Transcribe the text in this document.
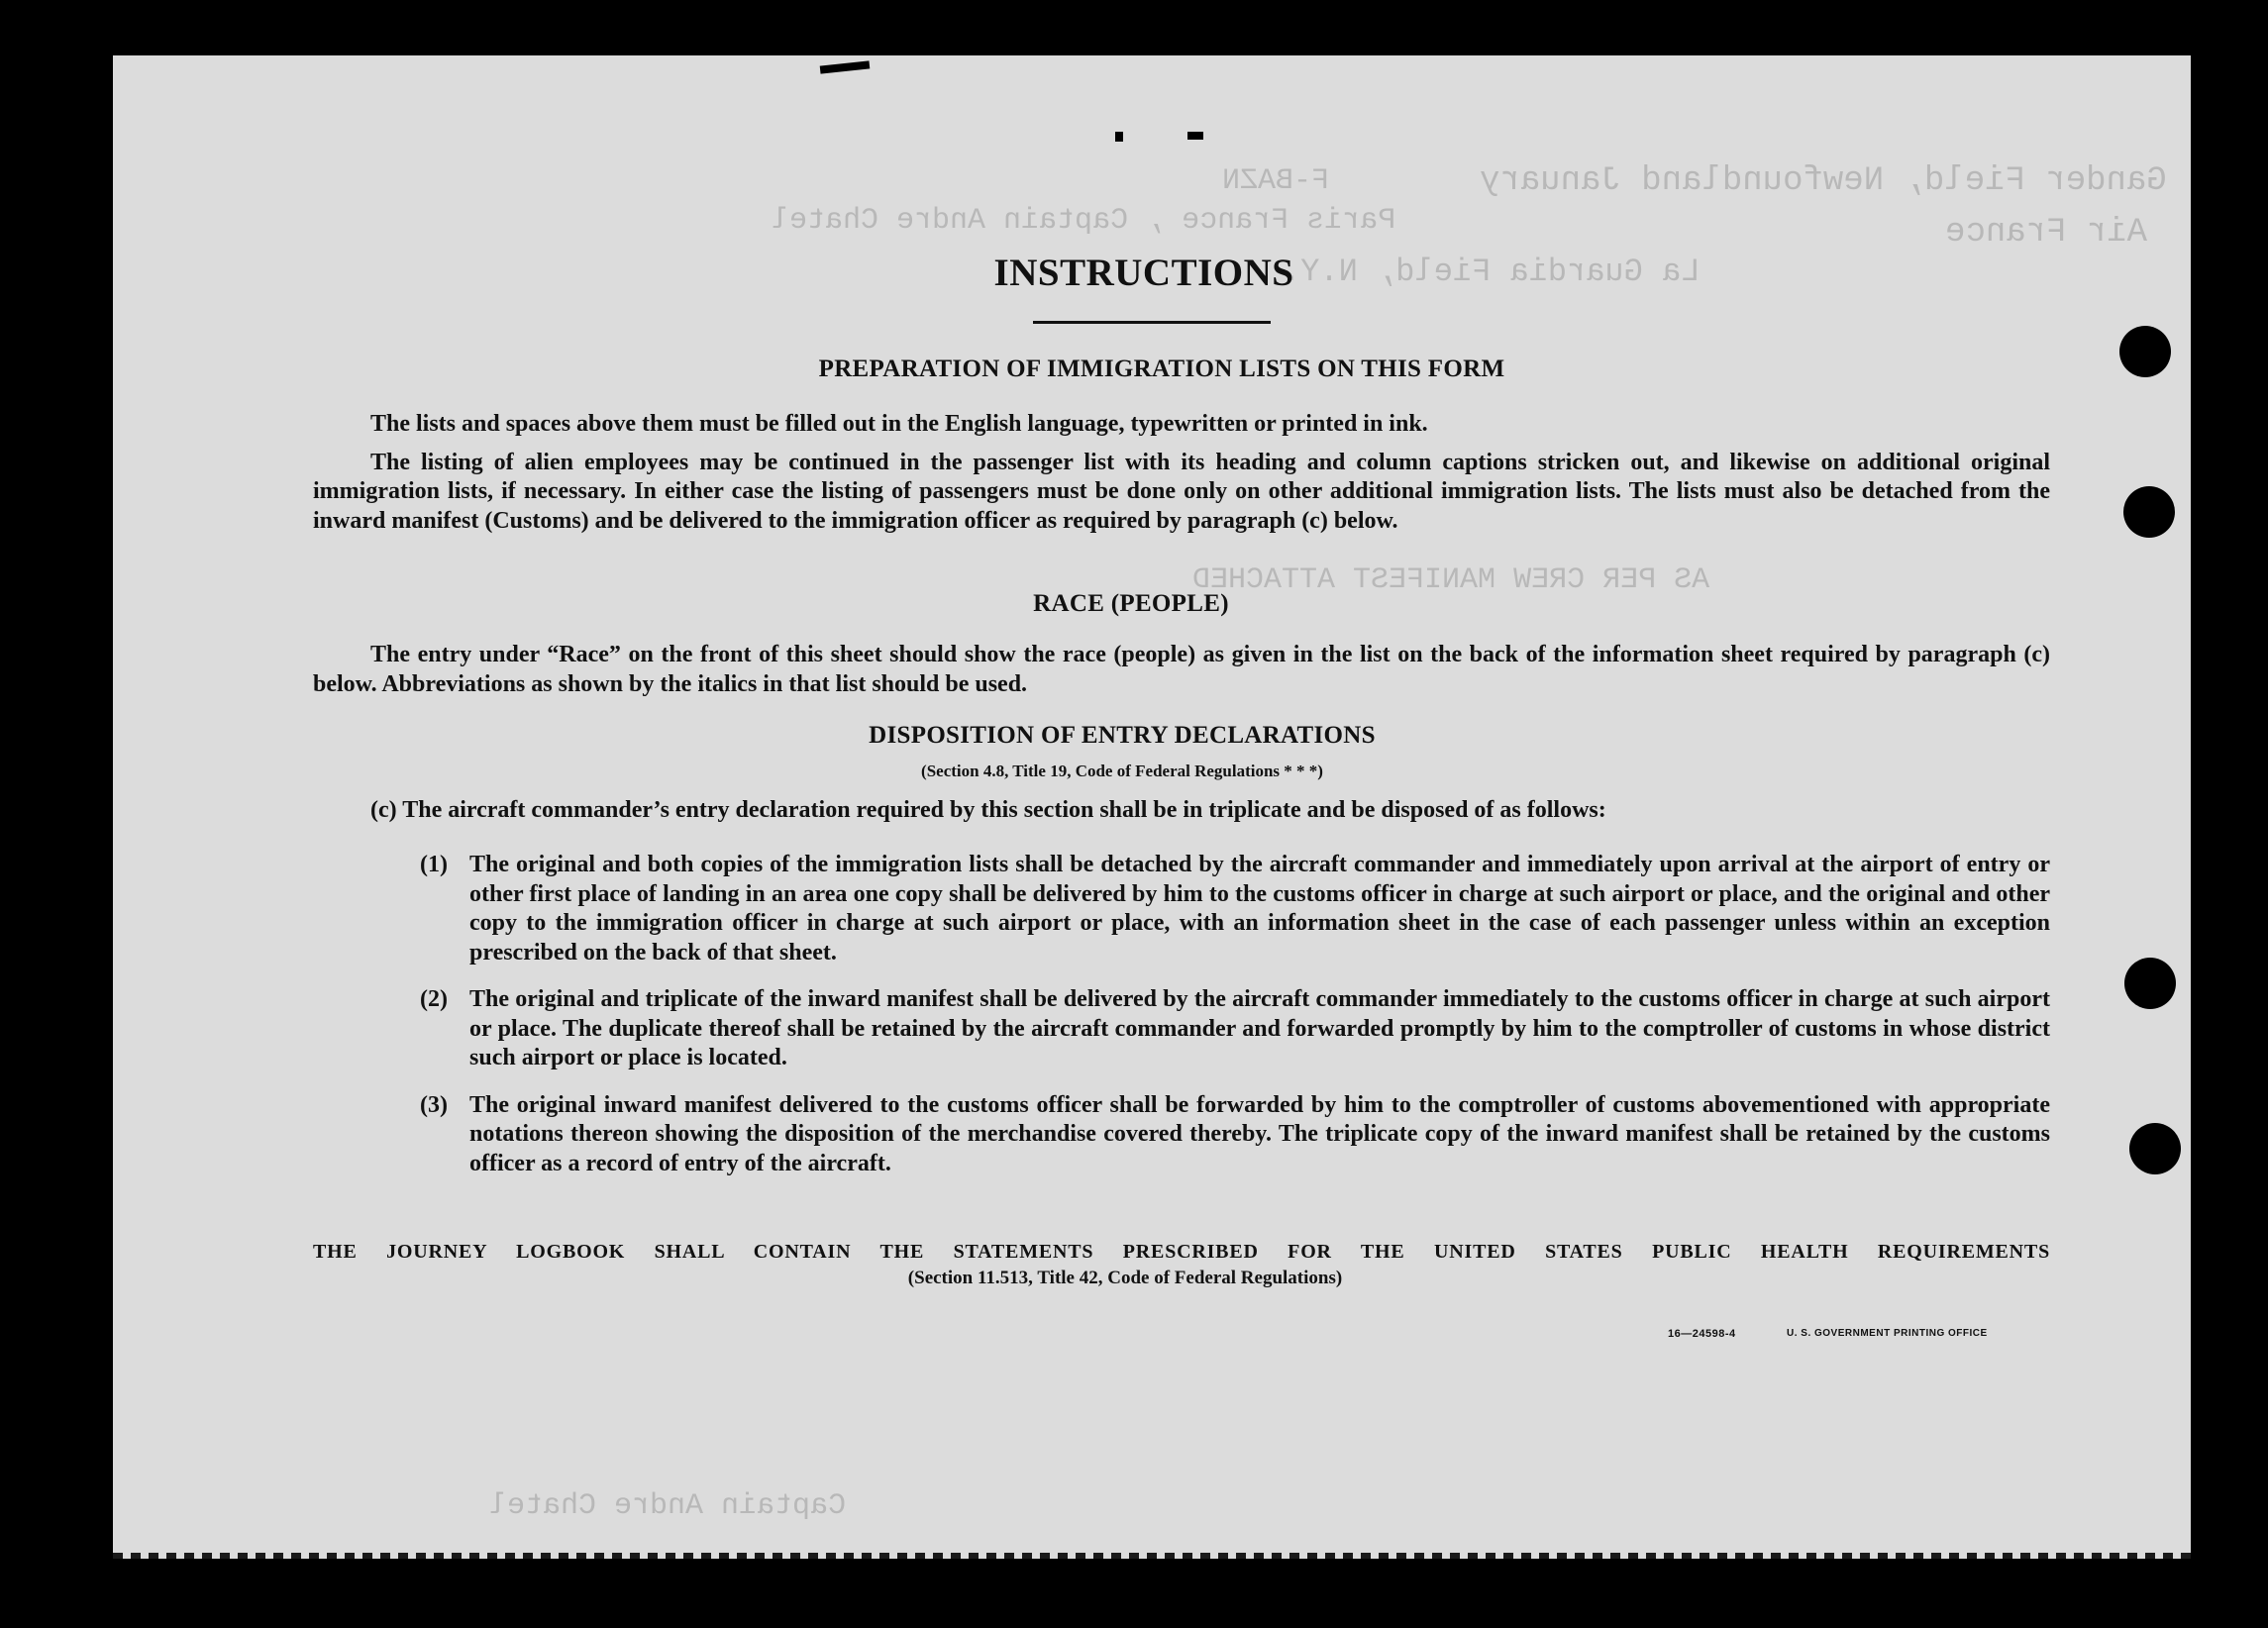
Gander Field, Newfoundland January
F-BAZN
Air France
Paris France , Captain Andre Chatel
La Guardia Field, N.Y.
AS PER CREW MANIFEST ATTACHED
Captain Andre Chatel
INSTRUCTIONS
PREPARATION OF IMMIGRATION LISTS ON THIS FORM

The lists and spaces above them must be filled out in the English language, typewritten or printed in ink.

The listing of alien employees may be continued in the passenger list with its heading and column captions stricken out, and likewise on additional original immigration lists, if necessary. In either case the listing of passengers must be done only on other additional immigration lists. The lists must also be detached from the inward manifest (Customs) and be delivered to the immigration officer as required by paragraph (c) below.

RACE (PEOPLE)

The entry under “Race” on the front of this sheet should show the race (people) as given in the list on the back of the information sheet required by paragraph (c) below. Abbreviations as shown by the italics in that list should be used.

DISPOSITION OF ENTRY DECLARATIONS
(Section 4.8, Title 19, Code of Federal Regulations * * *)

(c) The aircraft commander’s entry declaration required by this section shall be in triplicate and be disposed of as follows:

(1) The original and both copies of the immigration lists shall be detached by the aircraft commander and immediately upon arrival at the airport of entry or other first place of landing in an area one copy shall be delivered by him to the customs officer in charge at such airport or place, and the original and other copy to the immigration officer in charge at such airport or place, with an information sheet in the case of each passenger unless within an exception prescribed on the back of that sheet.

(2) The original and triplicate of the inward manifest shall be delivered by the aircraft commander immediately to the customs officer in charge at such airport or place. The duplicate thereof shall be retained by the aircraft commander and forwarded promptly by him to the comptroller of customs in whose district such airport or place is located.

(3) The original inward manifest delivered to the customs officer shall be forwarded by him to the comptroller of customs abovementioned with appropriate notations thereon showing the disposition of the merchandise covered thereby. The triplicate copy of the inward manifest shall be retained by the customs officer as a record of entry of the aircraft.

THE JOURNEY LOGBOOK SHALL CONTAIN THE STATEMENTS PRESCRIBED FOR THE UNITED STATES PUBLIC HEALTH REQUIREMENTS
(Section 11.513, Title 42, Code of Federal Regulations)
16—24598-4	U. S. GOVERNMENT PRINTING OFFICE
